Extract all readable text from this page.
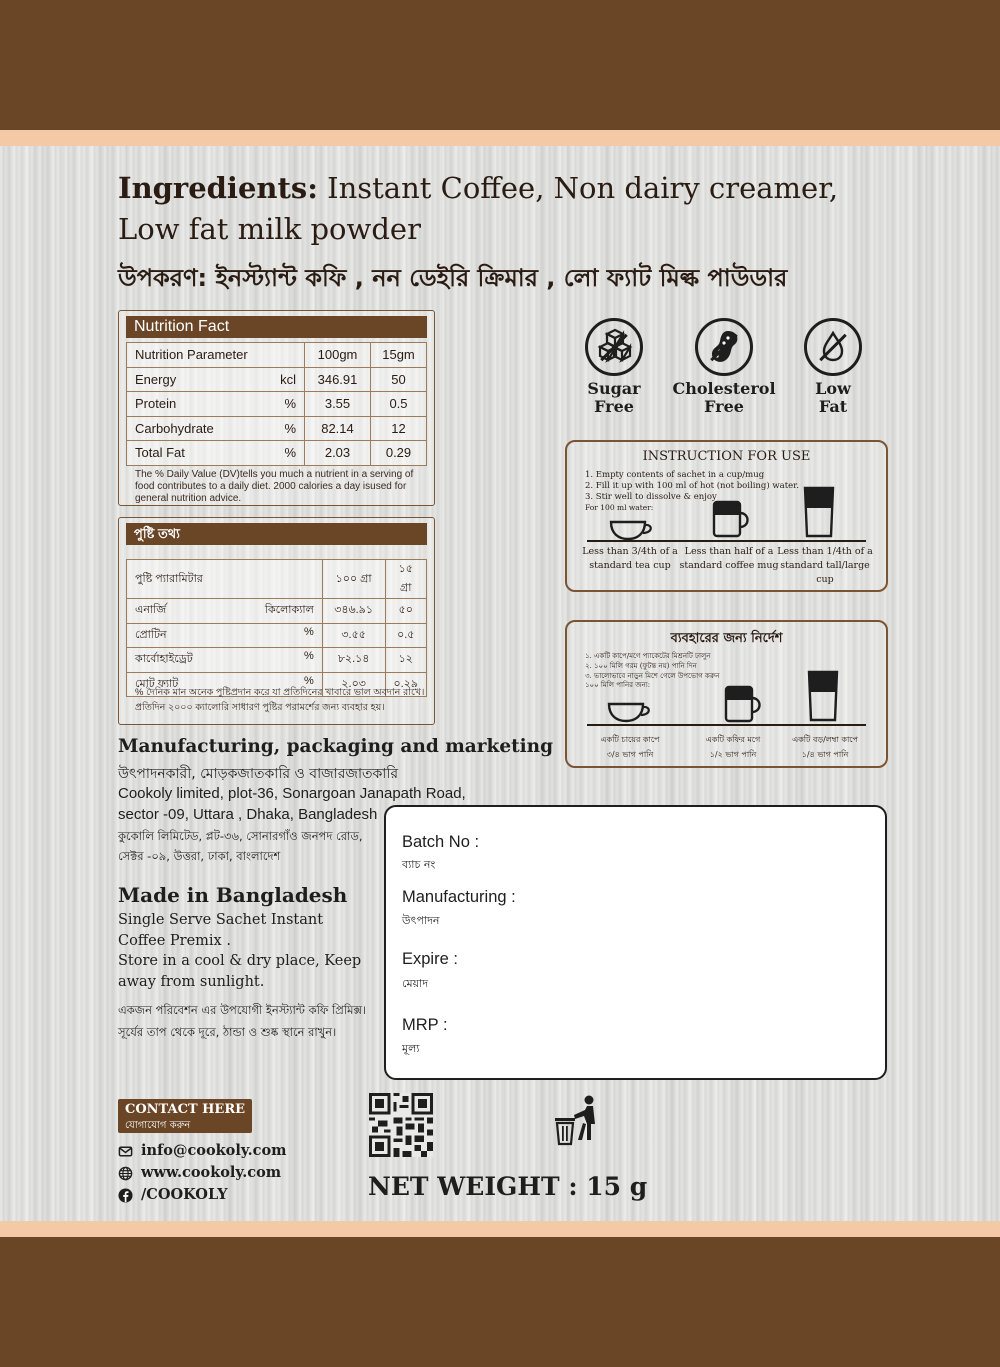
Ingredients: Instant Coffee, Non dairy creamer, Low fat milk powder
উপকরণ: ইনস্ট্যান্ট কফি , নন ডেইরি ক্রিমার , লো ফ্যাট মিল্ক পাউডার
Nutrition Fact
Nutrition Parameter	100gm	15gm
Energy kcl	346.91	50
Protein %	3.55	0.5
Carbohydrate %	82.14	12
Total Fat %	2.03	0.29
The % Daily Value (DV)tells you much a nutrient in a serving of food contributes to a daily diet. 2000 calories a day isused for general nutrition advice.
পুষ্টি তথ্য
পুষ্টি প্যারামিটার	১০০ গ্রা	১৫ গ্রা
এনার্জি কিলোক্যাল	৩৪৬.৯১	৫০
প্রোটিন %	৩.৫৫	০.৫
কার্বোহাইড্রেট %	৮২.১৪	১২
মোট ফ্যাট %	২.০৩	০.২৯
% দৈনিক মান অনেক পুষ্টিপ্রদান করে যা প্রতিদিনের খাবারে ভাল অবদান রাখে। প্রতিদিন ২০০০ ক্যালোরি সাধারণ পুষ্টির পরামর্শের জন্য ব্যবহার হয়।
Sugar
Free
Cholesterol
Free
Low
Fat
INSTRUCTION FOR USE
1. Empty contents of sachet in a cup/mug
2. Fill it up with 100 ml of hot (not boiling) water.
3. Stir well to dissolve & enjoy
For 100 ml water:
Less than 3/4th of a standard tea cup
Less than half of a standard coffee mug
Less than 1/4th of a standard tall/large cup
ব্যবহারের জন্য নির্দেশ
১. একটি কাপে/মগে প্যাকেটের মিশ্রনটি ঢালুন
২. ১০০ মিলি গরম (ফুটন্ত নয়) পানি দিন
৩. ভালোভাবে নাড়ুন মিশে গেলে উপভোগ করুন
১০০ মিলি পানির জন্য:
একটি চায়ের কাপে
৩/৪ ভাগ পানি
একটি কফির মগে
১/২ ভাগ পানি
একটি বড়/লম্বা কাপে
১/৪ ভাগ পানি
Manufacturing, packaging and marketing
উৎপাদনকারী, মোড়কজাতকারি ও বাজারজাতকারি
Cookoly limited, plot-36, Sonargoan Janapath Road, sector -09, Uttara , Dhaka, Bangladesh
কুকোলি লিমিটেড, প্লট-৩৬, সোনারগাঁও জনপদ রোড, সেক্টর -০৯, উত্তরা, ঢাকা, বাংলাদেশ
Made in Bangladesh
Single Serve Sachet Instant Coffee Premix .
Store in a cool & dry place, Keep away from sunlight.
একজন পরিবেশন এর উপযোগী ইনস্ট্যান্ট কফি প্রিমিক্স।
সূর্যের তাপ থেকে দূরে, ঠান্ডা ও শুষ্ক স্থানে রাখুন।
CONTACT HERE
যোগাযোগ করুন
info@cookoly.com
www.cookoly.com
/COOKOLY
Batch No :
ব্যাচ নং
Manufacturing :
উৎপাদন
Expire :
মেয়াদ
MRP :
মূল্য
NET WEIGHT : 15 g
